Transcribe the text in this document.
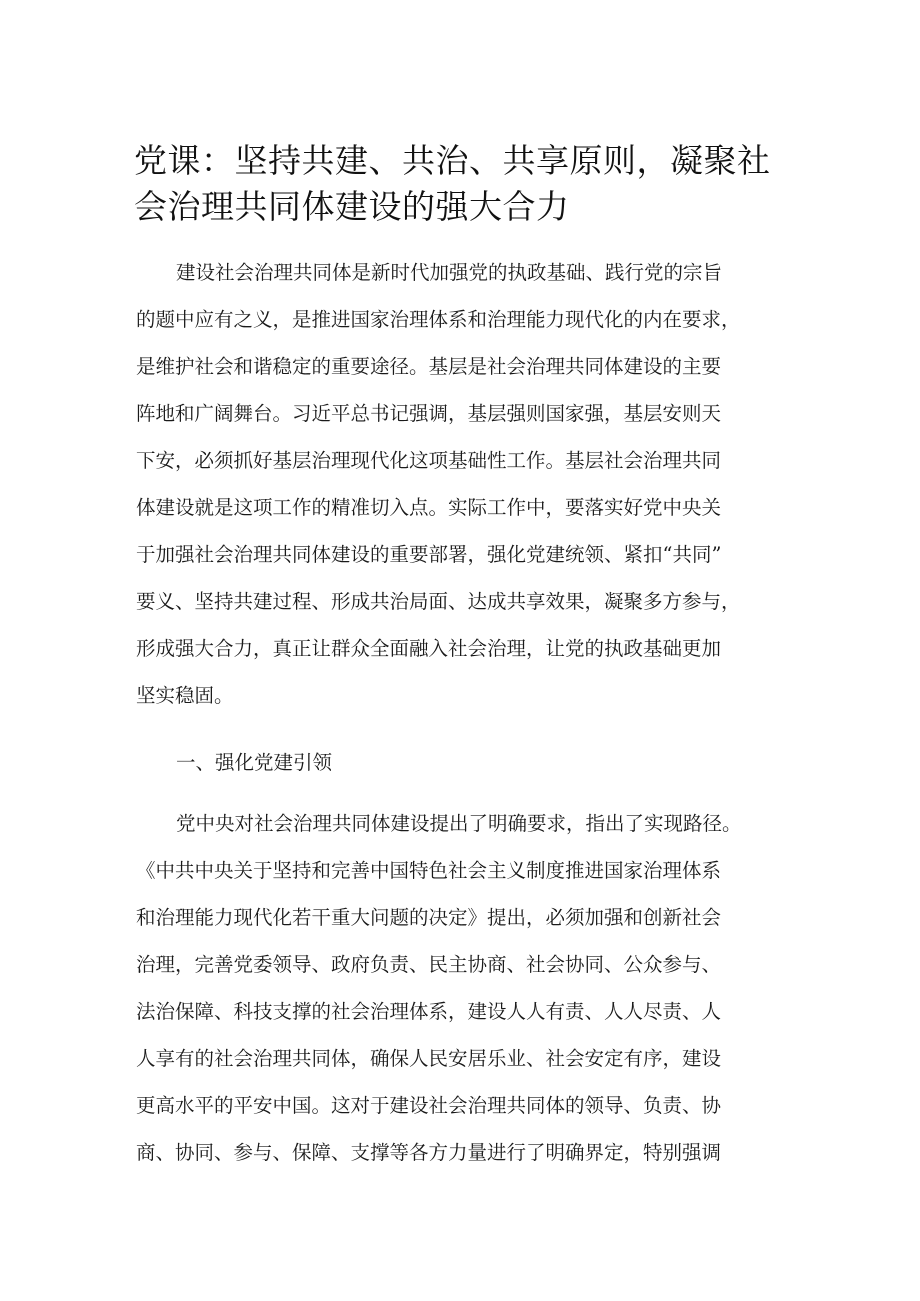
党课：坚持共建、共治、共享原则，凝聚社
会治理共同体建设的强大合力
建设社会治理共同体是新时代加强党的执政基础、践行党的宗旨
的题中应有之义，是推进国家治理体系和治理能力现代化的内在要求，
是维护社会和谐稳定的重要途径。基层是社会治理共同体建设的主要
阵地和广阔舞台。习近平总书记强调，基层强则国家强，基层安则天
下安，必须抓好基层治理现代化这项基础性工作。基层社会治理共同
体建设就是这项工作的精准切入点。实际工作中，要落实好党中央关
于加强社会治理共同体建设的重要部署，强化党建统领、紧扣“共同”
要义、坚持共建过程、形成共治局面、达成共享效果，凝聚多方参与，
形成强大合力，真正让群众全面融入社会治理，让党的执政基础更加
坚实稳固。
一、强化党建引领
党中央对社会治理共同体建设提出了明确要求，指出了实现路径。
《中共中央关于坚持和完善中国特色社会主义制度推进国家治理体系
和治理能力现代化若干重大问题的决定》提出，必须加强和创新社会
治理，完善党委领导、政府负责、民主协商、社会协同、公众参与、
法治保障、科技支撑的社会治理体系，建设人人有责、人人尽责、人
人享有的社会治理共同体，确保人民安居乐业、社会安定有序，建设
更高水平的平安中国。这对于建设社会治理共同体的领导、负责、协
商、协同、参与、保障、支撑等各方力量进行了明确界定，特别强调
